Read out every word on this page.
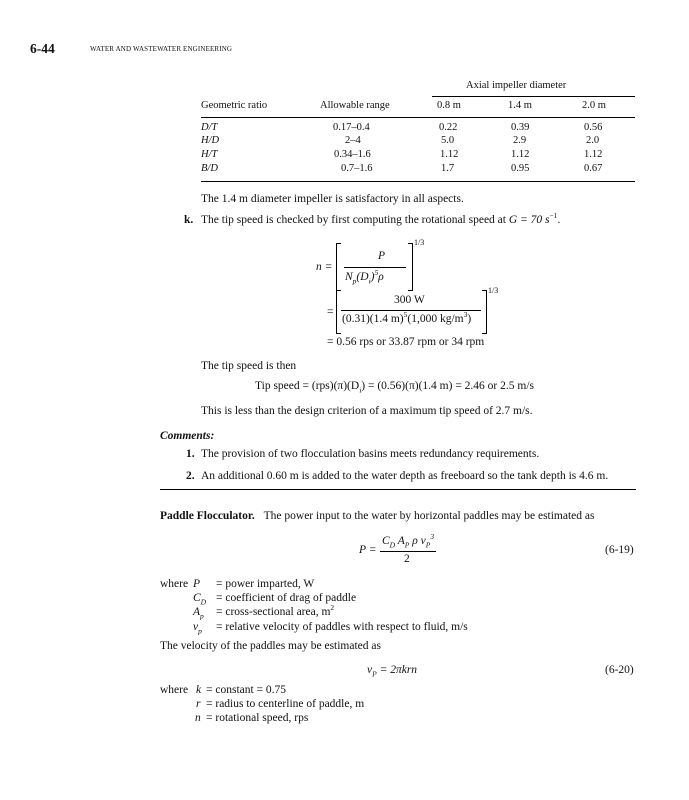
6-44	WATER AND WASTEWATER ENGINEERING
Axial impeller diameter
Geometric ratio	Allowable range	0.8 m	1.4 m	2.0 m
D/T	0.17–0.4	0.22	0.39	0.56
H/D	2–4	5.0	2.9	2.0
H/T	0.34–1.6	1.12	1.12	1.12
B/D	0.7–1.6	1.7	0.95	0.67
The 1.4 m diameter impeller is satisfactory in all aspects.
k. The tip speed is checked by first computing the rotational speed at G = 70 $s^{-1}$.
n =
P
$N_p(D_i)^5\rho$
1/3
=
300 W
(0.31)(1.4 m)$^5$(1,000 $kg/m^3$)
1/3
= 0.56 rps or 33.87 rpm or 34 rpm
The tip speed is then
Tip speed = $(rps)(\pi)(D_i) = (0.56)(\pi)(1.4$ m) = 2.46 or 2.5 m/s
This is less than the design criterion of a maximum tip speed of 2.7 m/s.
Comments:
1. The provision of two flocculation basins meets redundancy requirements.
2. An additional 0.60 m is added to the water depth as freeboard so the tank depth is 4.6 m.
Paddle Flocculator. The power input to the water by horizontal paddles may be estimated as
P =
$C_D$ $A_P$ ρ $v_P^3$
2
(6-19)
where P = power imparted, W
$C_D$ = coefficient of drag of paddle
$A_p$ = cross-sectional area, $m^2$
$v_p$ = relative velocity of paddles with respect to fluid, m/s
The velocity of the paddles may be estimated as
$v_P = 2\pi krn$	(6-20)
where k = constant = 0.75
r = radius to centerline of paddle, m
n = rotational speed, rps
